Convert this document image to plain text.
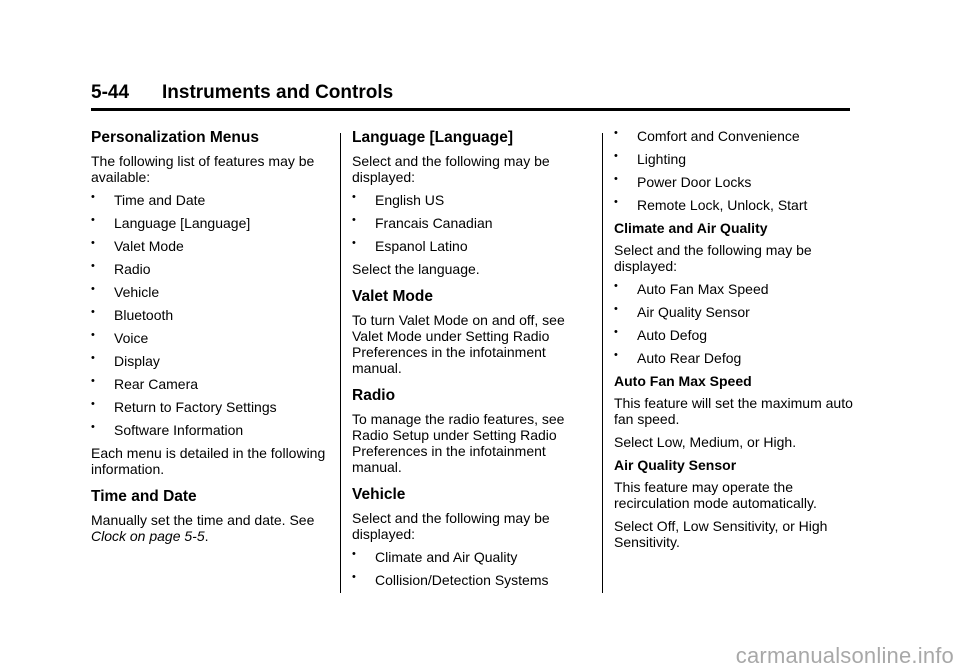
5-44 Instruments and Controls
Personalization Menus

The following list of features may be available:

• Time and Date
• Language [Language]
• Valet Mode
• Radio
• Vehicle
• Bluetooth
• Voice
• Display
• Rear Camera
• Return to Factory Settings
• Software Information

Each menu is detailed in the following information.

Time and Date

Manually set the time and date. See
Clock on page 5-5.

Language [Language]

Select and the following may be displayed:

• English US
• Francais Canadian
• Espanol Latino

Select the language.

Valet Mode

To turn Valet Mode on and off, see Valet Mode under Setting Radio Preferences in the infotainment manual.

Radio

To manage the radio features, see Radio Setup under Setting Radio Preferences in the infotainment manual.

Vehicle

Select and the following may be displayed:

• Climate and Air Quality
• Collision/Detection Systems
• Comfort and Convenience
• Lighting
• Power Door Locks
• Remote Lock, Unlock, Start
Climate and Air Quality

Select and the following may be displayed:

• Auto Fan Max Speed
• Air Quality Sensor
• Auto Defog
• Auto Rear Defog
Auto Fan Max Speed

This feature will set the maximum auto fan speed.

Select Low, Medium, or High.

Air Quality Sensor

This feature may operate the recirculation mode automatically.

Select Off, Low Sensitivity, or High Sensitivity.

carmanualsonline.info
